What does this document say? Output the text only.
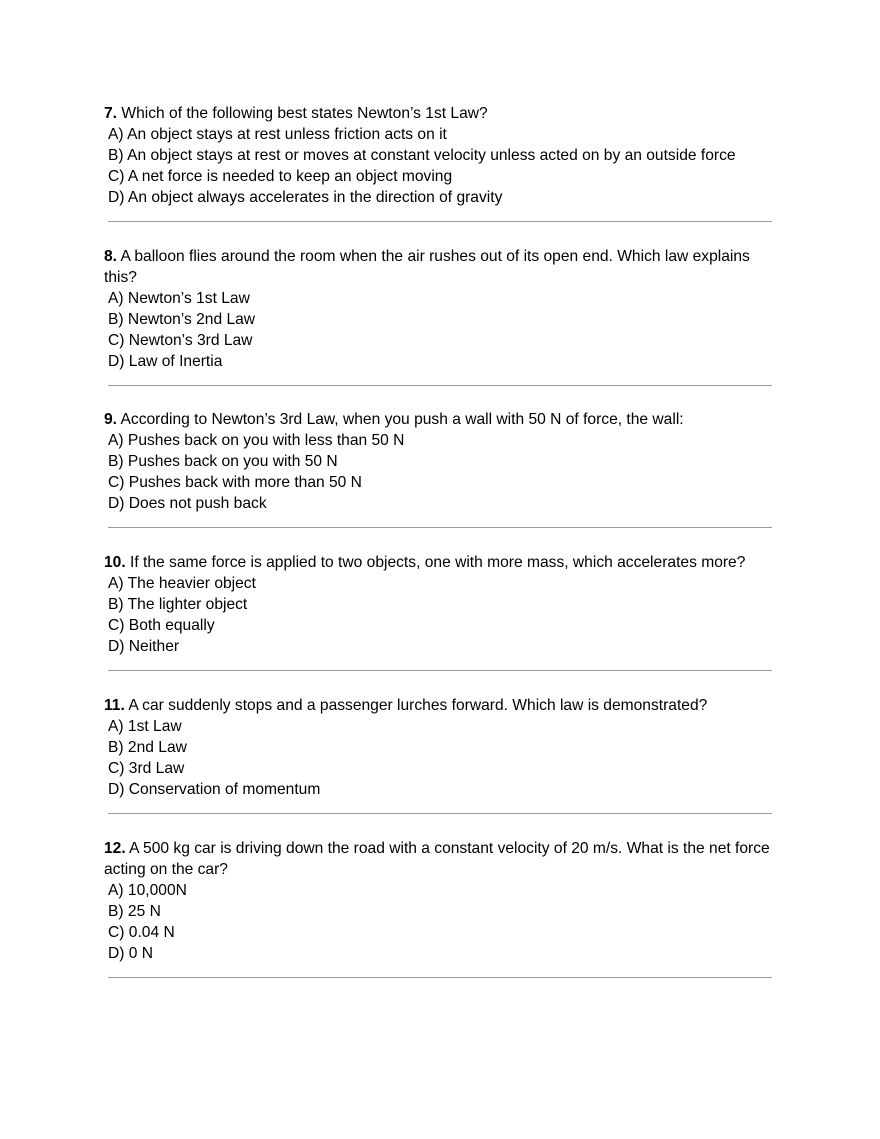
7. Which of the following best states Newton’s 1st Law?

A) An object stays at rest unless friction acts on it

B) An object stays at rest or moves at constant velocity unless acted on by an outside force

C) A net force is needed to keep an object moving

D) An object always accelerates in the direction of gravity

8. A balloon flies around the room when the air rushes out of its open end. Which law explains this?

A) Newton’s 1st Law

B) Newton’s 2nd Law

C) Newton’s 3rd Law

D) Law of Inertia

9. According to Newton’s 3rd Law, when you push a wall with 50 N of force, the wall:

A) Pushes back on you with less than 50 N

B) Pushes back on you with 50 N

C) Pushes back with more than 50 N

D) Does not push back

10. If the same force is applied to two objects, one with more mass, which accelerates more?

A) The heavier object

B) The lighter object

C) Both equally

D) Neither

11. A car suddenly stops and a passenger lurches forward. Which law is demonstrated?

A) 1st Law

B) 2nd Law

C) 3rd Law

D) Conservation of momentum

12. A 500 kg car is driving down the road with a constant velocity of 20 m/s. What is the net force acting on the car?

A) 10,000N

B) 25 N

C) 0.04 N

D) 0 N
